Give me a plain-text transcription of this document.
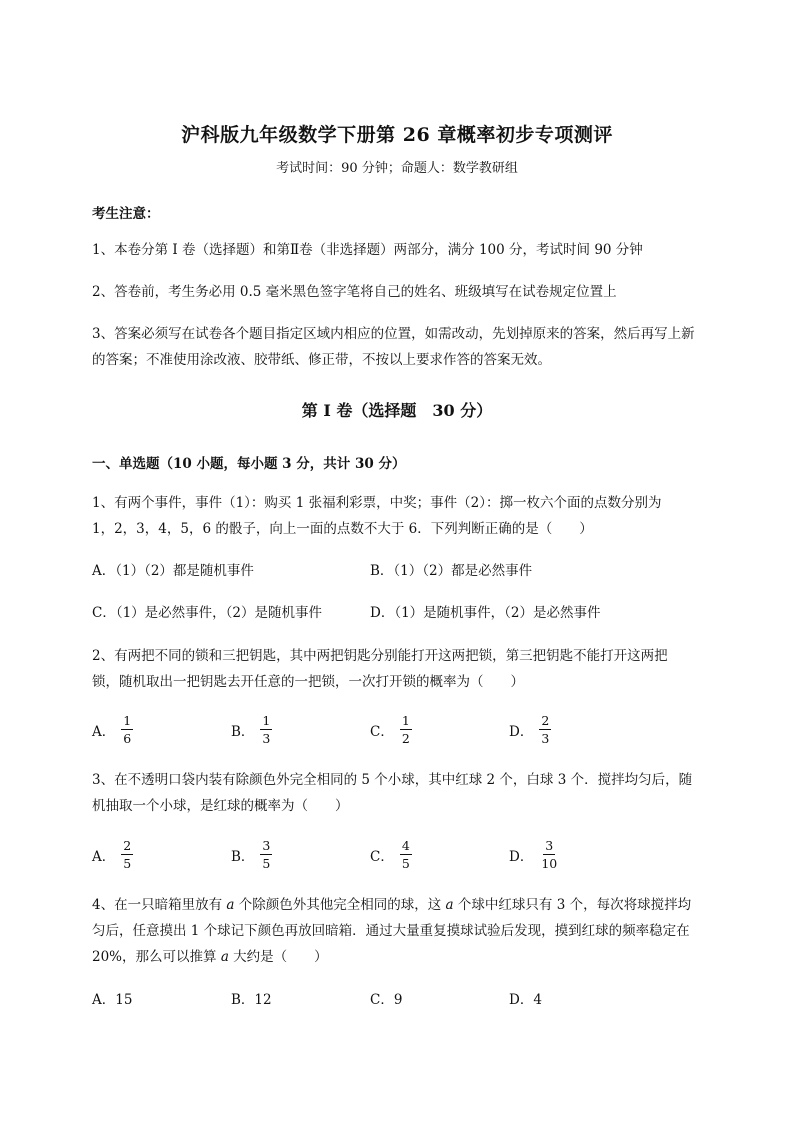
沪科版九年级数学下册第 26 章概率初步专项测评
考试时间：90 分钟；命题人：数学教研组
考生注意：
1、本卷分第 I 卷（选择题）和第Ⅱ卷（非选择题）两部分，满分 100 分，考试时间 90 分钟
2、答卷前，考生务必用 0.5 毫米黑色签字笔将自己的姓名、班级填写在试卷规定位置上
3、答案必须写在试卷各个题目指定区域内相应的位置，如需改动，先划掉原来的答案，然后再写上新
的答案；不准使用涂改液、胶带纸、修正带，不按以上要求作答的答案无效。
第 I 卷（选择题　30 分）
一、单选题（10 小题，每小题 3 分，共计 30 分）
1、有两个事件，事件（1）：购买 1 张福利彩票，中奖；事件（2）：掷一枚六个面的点数分别为
1，2，3，4，5，6 的骰子，向上一面的点数不大于 6．下列判断正确的是（　　）
A．（1）（2）都是随机事件	B．（1）（2）都是必然事件
C．（1）是必然事件，（2）是随机事件	D．（1）是随机事件，（2）是必然事件
2、有两把不同的锁和三把钥匙，其中两把钥匙分别能打开这两把锁，第三把钥匙不能打开这两把
锁，随机取出一把钥匙去开任意的一把锁，一次打开锁的概率为（　　）
A． $\frac{1}{6}$	B． $\frac{1}{3}$	C． $\frac{1}{2}$	D． $\frac{2}{3}$
3、在不透明口袋内装有除颜色外完全相同的 5 个小球，其中红球 2 个，白球 3 个．搅拌均匀后，随
机抽取一个小球，是红球的概率为（　　）
A． $\frac{2}{5}$	B． $\frac{3}{5}$	C． $\frac{4}{5}$	D． $\frac{3}{10}$
4、在一只暗箱里放有 a 个除颜色外其他完全相同的球，这 a 个球中红球只有 3 个，每次将球搅拌均
匀后，任意摸出 1 个球记下颜色再放回暗箱．通过大量重复摸球试验后发现，摸到红球的频率稳定在
20%，那么可以推算 a 大约是（　　）
A．15	B．12	C．9	D．4
